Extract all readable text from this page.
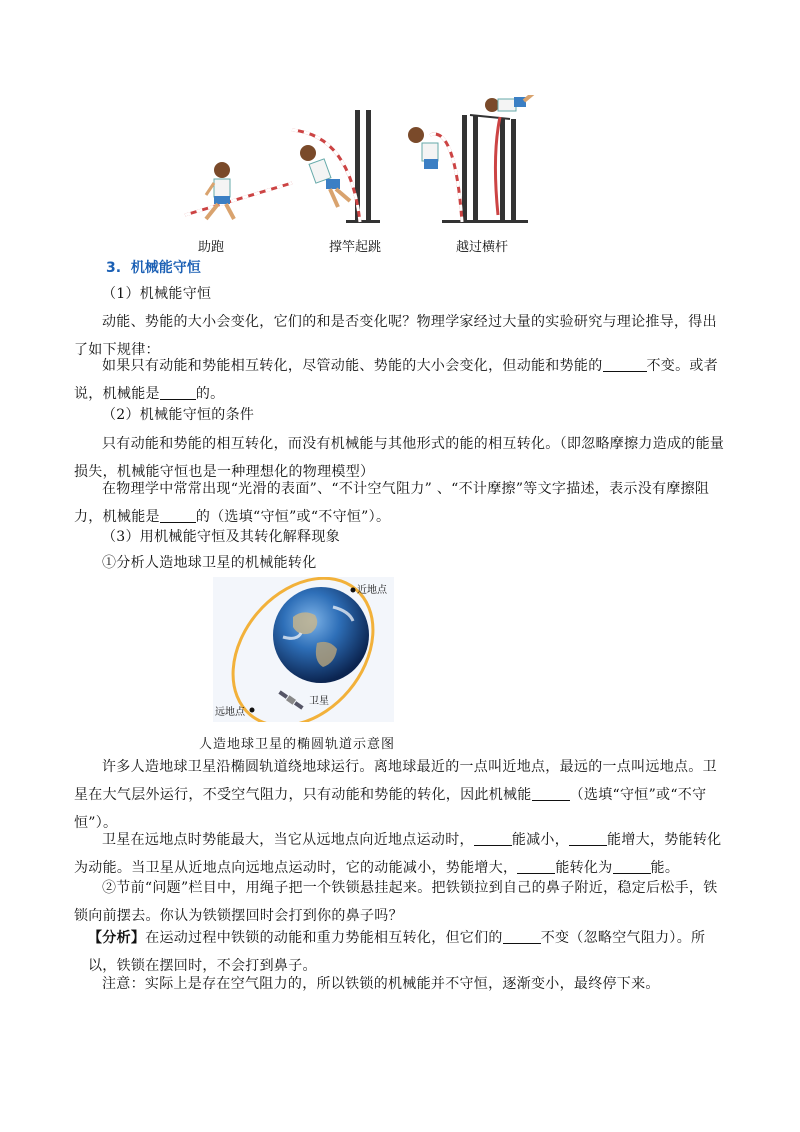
助跑	撑竿起跳	越过横杆
3. 机械能守恒
（1）机械能守恒
动能、势能的大小会变化，它们的和是否变化呢？物理学家经过大量的实验研究与理论推导，得出了如下规律：
如果只有动能和势能相互转化，尽管动能、势能的大小会变化，但动能和势能的	不变。或者说，机械能是	的。
（2）机械能守恒的条件
只有动能和势能的相互转化，而没有机械能与其他形式的能的相互转化。（即忽略摩擦力造成的能量损失，机械能守恒也是一种理想化的物理模型）
在物理学中常常出现“光滑的表面”、“不计空气阻力” 、“不计摩擦”等文字描述，表示没有摩擦阻力，机械能是	的（选填“守恒”或“不守恒”）。
（3）用机械能守恒及其转化解释现象
①分析人造地球卫星的机械能转化
近地点
远地点
卫星
人造地球卫星的椭圆轨道示意图
许多人造地球卫星沿椭圆轨道绕地球运行。离地球最近的一点叫近地点，最远的一点叫远地点。卫星在大气层外运行，不受空气阻力，只有动能和势能的转化，因此机械能	（选填“守恒”或“不守恒”）。
卫星在远地点时势能最大，当它从远地点向近地点运动时，	能减小，	能增大，势能转化为动能。当卫星从近地点向远地点运动时，它的动能减小，势能增大，	能转化为	能。
②节前“问题”栏目中，用绳子把一个铁锁悬挂起来。把铁锁拉到自己的鼻子附近，稳定后松手，铁锁向前摆去。你认为铁锁摆回时会打到你的鼻子吗？
【分析】在运动过程中铁锁的动能和重力势能相互转化，但它们的	不变（忽略空气阻力）。所以，铁锁在摆回时，不会打到鼻子。
注意：实际上是存在空气阻力的，所以铁锁的机械能并不守恒，逐渐变小，最终停下来。
